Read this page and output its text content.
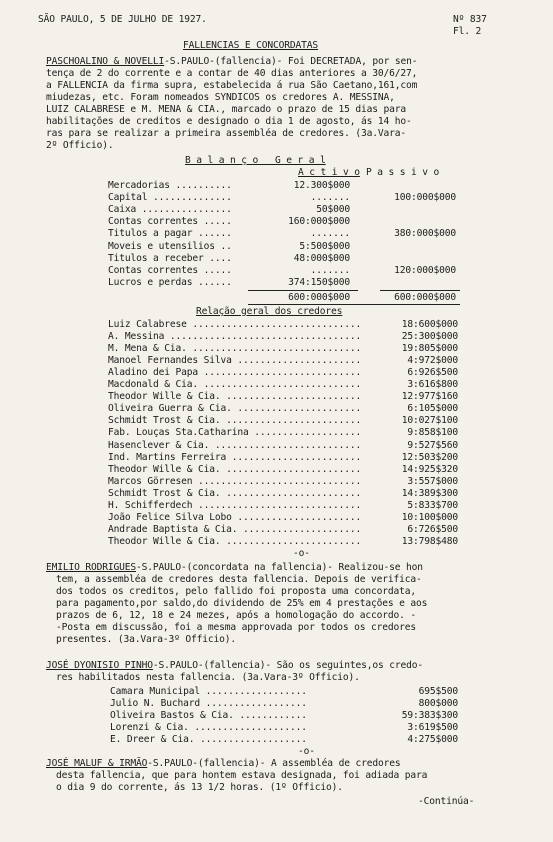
SÃO PAULO, 5 DE JULHO DE 1927.	Nº 837
Fl. 2
FALLENCIAS E CONCORDATAS
PASCHOALINO & NOVELLI-S.PAULO-(fallencia)- Foi DECRETADA, por sen-
tença de 2 do corrente e a contar de 40 dias anteriores a 30/6/27,
a FALLENCIA da firma supra, estabelecida á rua São Caetano,161,com
miudezas, etc. Foram nomeados SYNDICOS os credores A. MESSINA,
LUIZ CALABRESE e M. MENA & CIA., marcado o prazo de 15 dias para
habilitações de creditos e designado o dia 1 de agosto, ás 14 ho-
ras para se realizar a primeira assembléa de credores. (3a.Vara-
2º Officio).
B a l a n ç o   G e r a l
A c t i v o P a s s i v o
Mercadorias ..........	12.300$000
Capital ..............	.......	100:000$000
Caixa ................	50$000
Contas correntes .....	160:000$000
Titulos a pagar ......	.......	380:000$000
Moveis e utensilios ..	5:500$000
Titulos a receber ....	48:000$000
Contas correntes .....	.......	120:000$000
Lucros e perdas ......	374:150$000
600:000$000	600:000$000
Relação geral dos credores
Luiz Calabrese ..............................	18:600$000
A. Messina ..................................	25:300$000
M. Mena & Cia. ..............................	19:805$000
Manoel Fernandes Silva ......................	4:972$000
Aladino dei Papa ............................	6:926$500
Macdonald & Cia. ............................	3:616$800
Theodor Wille & Cia. ........................	12:977$160
Oliveira Guerra & Cia. ......................	6:105$000
Schmidt Trost & Cia. ........................	10:027$100
Fab. Louças Sta.Catharina ...................	9:858$100
Hasenclever & Cia. ..........................	9:527$560
Ind. Martins Ferreira .......................	12:503$200
Theodor Wille & Cia. ........................	14:925$320
Marcos Görresen .............................	3:557$000
Schmidt Trost & Cia. ........................	14:389$300
H. Schifferdech .............................	5:833$700
João Felice Silva Lobo ......................	10:100$000
Andrade Baptista & Cia. .....................	6:726$500
Theodor Wille & Cia. ........................	13:798$480
-o-
EMILIO RODRIGUES-S.PAULO-(concordata na fallencia)- Realizou-se hon
tem, a assembléa de credores desta fallencia. Depois de verifica-
dos todos os creditos, pelo fallido foi proposta uma concordata,
para pagamento,por saldo,do dividendo de 25% em 4 prestações e aos
prazos de 6, 12, 18 e 24 mezes, após a homologação do accordo. -
-Posta em discussão, foi a mesma approvada por todos os credores
presentes. (3a.Vara-3º Officio).
JOSÉ DYONISIO PINHO-S.PAULO-(fallencia)- São os seguintes,os credo-
res habilitados nesta fallencia. (3a.Vara-3º Officio).
Camara Municipal ..................	695$500
Julio N. Buchard ..................	800$000
Oliveira Bastos & Cia. ............	59:383$300
Lorenzi & Cia. ....................	3:619$500
E. Dreer & Cia. ...................	4:275$000
-o-
JOSÉ MALUF & IRMÃO-S.PAULO-(fallencia)- A assembléa de credores
desta fallencia, que para hontem estava designada, foi adiada para
o dia 9 do corrente, ás 13 1/2 horas. (1º Officio).
-Continúa-
